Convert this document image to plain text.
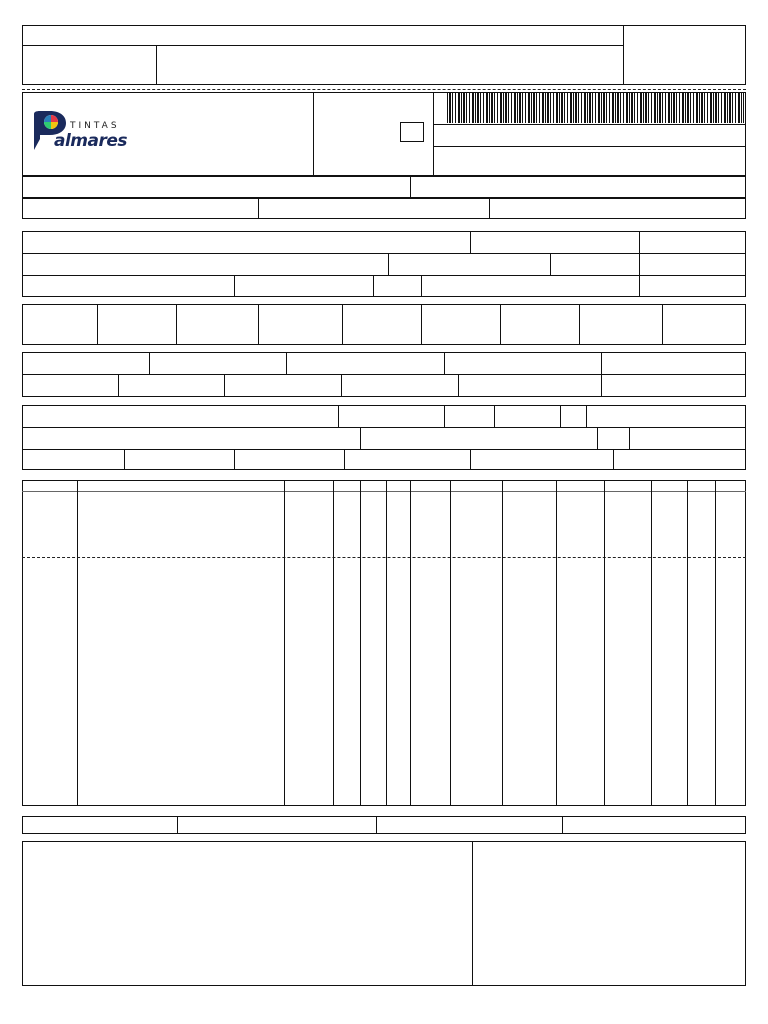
TINTAS
almares
